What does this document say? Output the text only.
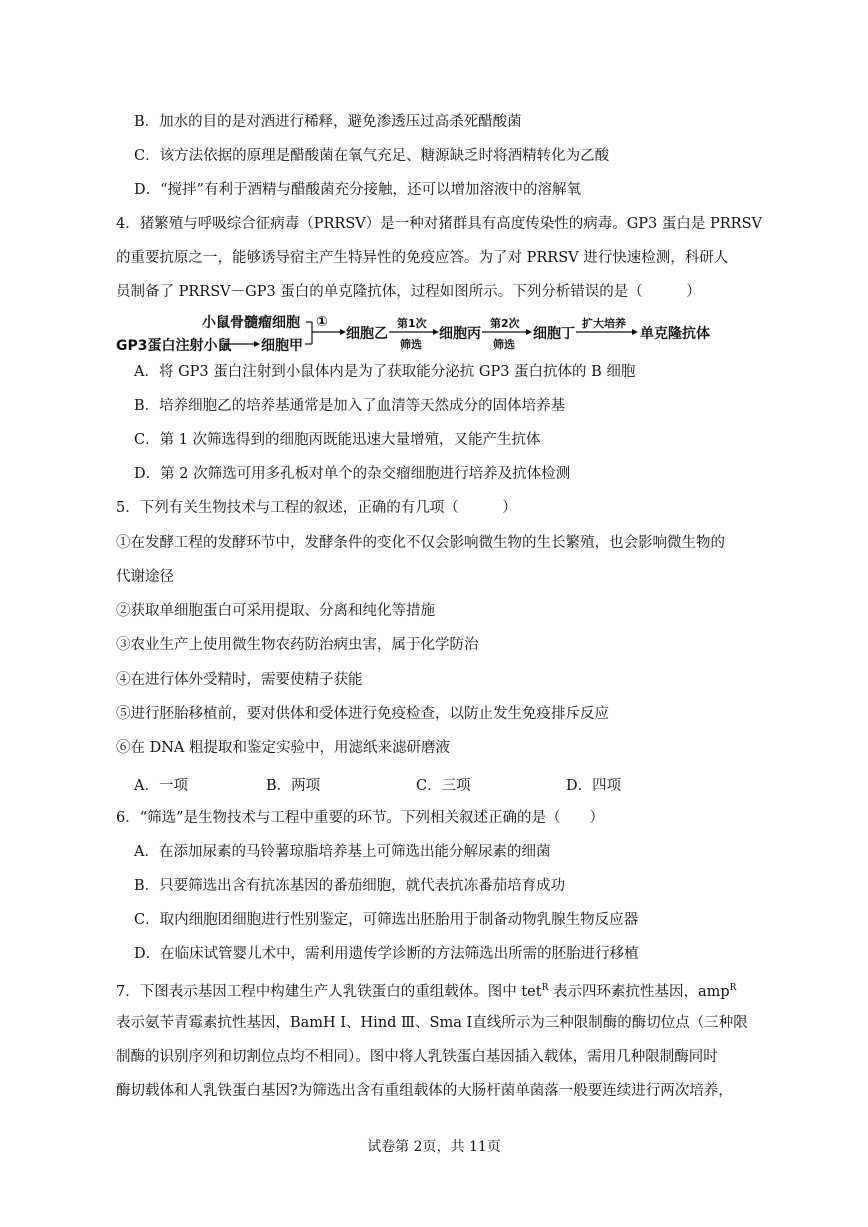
B．加水的目的是对酒进行稀释，避免渗透压过高杀死醋酸菌
C．该方法依据的原理是醋酸菌在氧气充足、糖源缺乏时将酒精转化为乙酸
D．“搅拌”有利于酒精与醋酸菌充分接触，还可以增加溶液中的溶解氧
4．猪繁殖与呼吸综合征病毒（PRRSV）是一种对猪群具有高度传染性的病毒。GP3 蛋白是 PRRSV
的重要抗原之一，能够诱导宿主产生特异性的免疫应答。为了对 PRRSV 进行快速检测，科研人
员制备了 PRRSV－GP3 蛋白的单克隆抗体，过程如图所示。下列分析错误的是（　　　）
小鼠骨髓瘤细胞
GP3蛋白注射小鼠 细胞甲
①
细胞乙
第1次
筛选
细胞丙
第2次
筛选
细胞丁
扩大培养
单克隆抗体
A．将 GP3 蛋白注射到小鼠体内是为了获取能分泌抗 GP3 蛋白抗体的 B 细胞
B．培养细胞乙的培养基通常是加入了血清等天然成分的固体培养基
C．第 1 次筛选得到的细胞丙既能迅速大量增殖，又能产生抗体
D．第 2 次筛选可用多孔板对单个的杂交瘤细胞进行培养及抗体检测
5．下列有关生物技术与工程的叙述，正确的有几项（　　　）
①在发酵工程的发酵环节中，发酵条件的变化不仅会影响微生物的生长繁殖，也会影响微生物的
代谢途径
②获取单细胞蛋白可采用提取、分离和纯化等措施
③农业生产上使用微生物农药防治病虫害，属于化学防治
④在进行体外受精时，需要使精子获能
⑤进行胚胎移植前，要对供体和受体进行免疫检查，以防止发生免疫排斥反应
⑥在 DNA 粗提取和鉴定实验中，用滤纸来滤研磨液
A．一项	B．两项	C．三项	D．四项
6．“筛选”是生物技术与工程中重要的环节。下列相关叙述正确的是（　　）
A．在添加尿素的马铃薯琼脂培养基上可筛选出能分解尿素的细菌
B．只要筛选出含有抗冻基因的番茄细胞，就代表抗冻番茄培育成功
C．取内细胞团细胞进行性别鉴定，可筛选出胚胎用于制备动物乳腺生物反应器
D．在临床试管婴儿术中，需利用遗传学诊断的方法筛选出所需的胚胎进行移植
7．下图表示基因工程中构建生产人乳铁蛋白的重组载体。图中 tet$^R$ 表示四环素抗性基因，amp$^R$
表示氨苄青霉素抗性基因，BamH Ⅰ、Hind Ⅲ、Sma Ⅰ直线所示为三种限制酶的酶切位点（三种限
制酶的识别序列和切割位点均不相同）。图中将人乳铁蛋白基因插入载体，需用几种限制酶同时
酶切载体和人乳铁蛋白基因?为筛选出含有重组载体的大肠杆菌单菌落一般要连续进行两次培养，
试卷第 2页，共 11页
